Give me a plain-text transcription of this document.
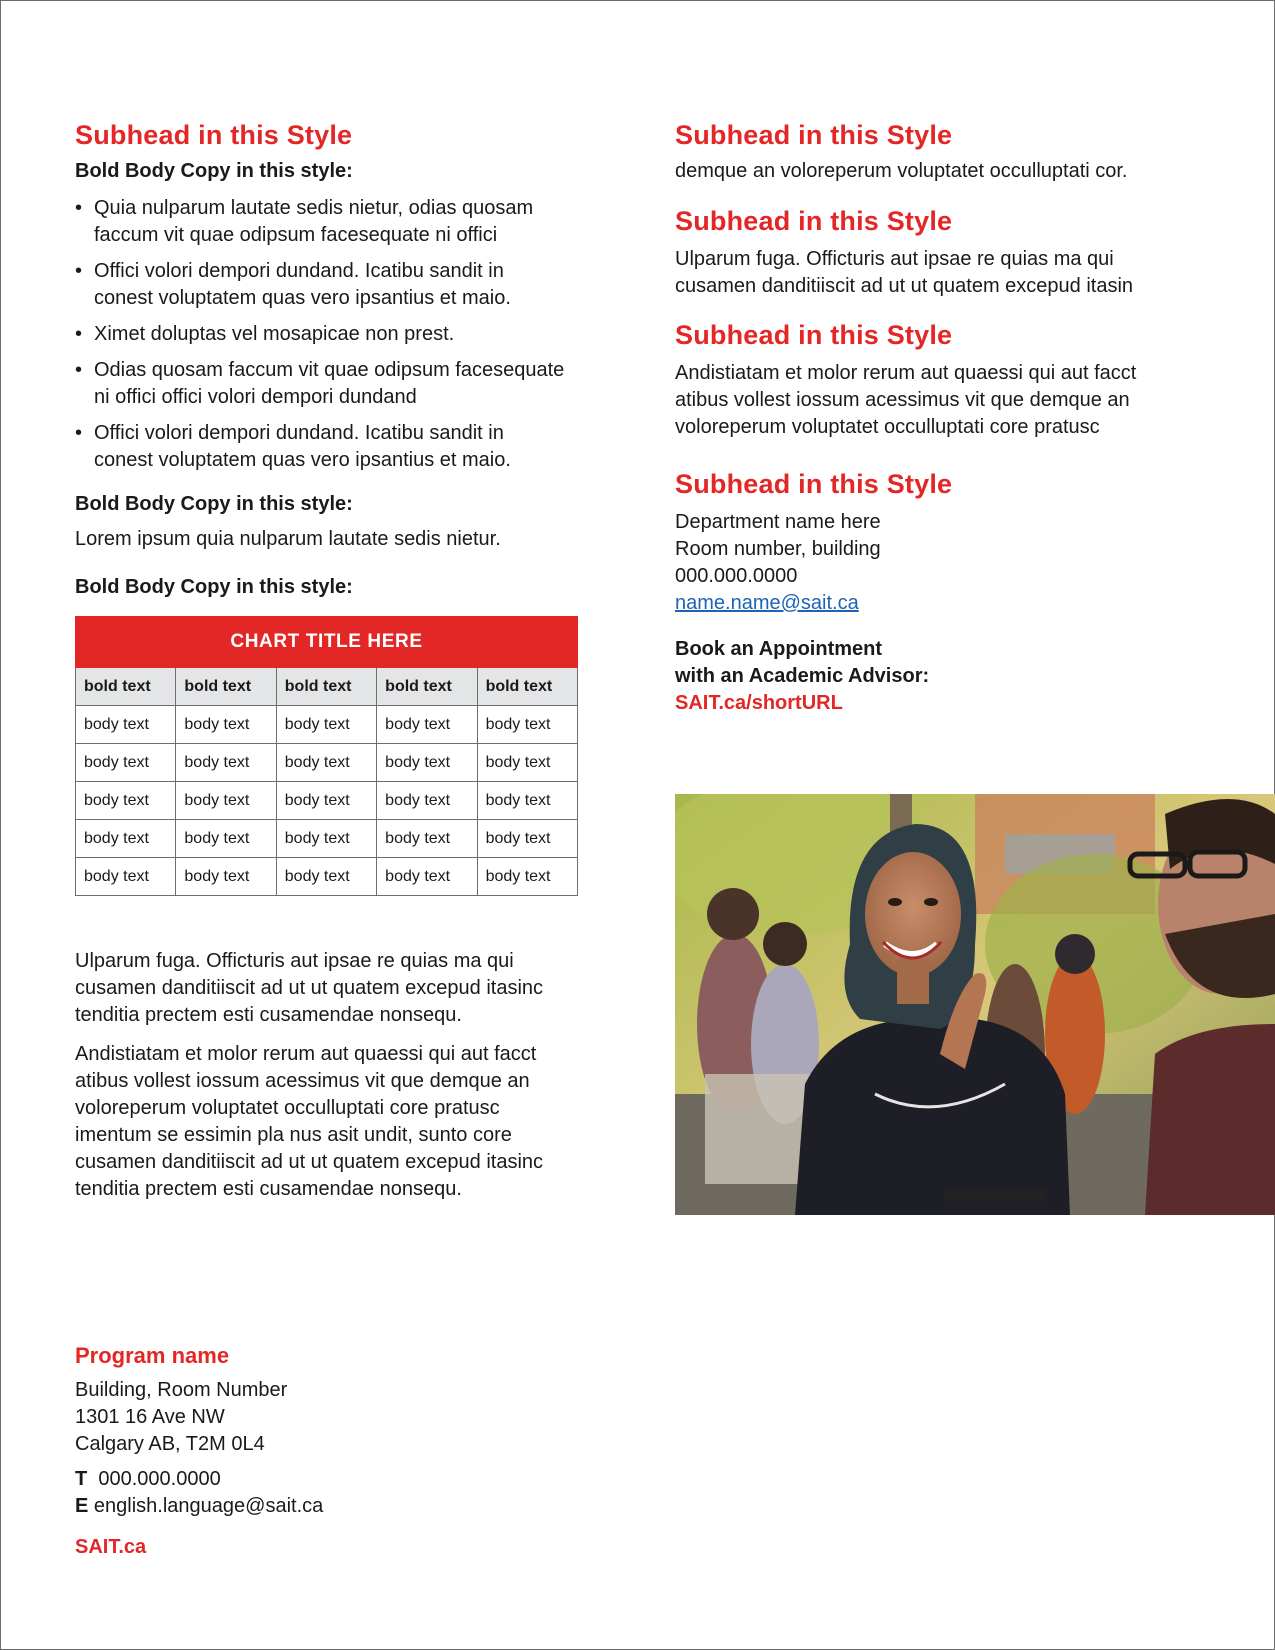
Subhead in this Style

Bold Body Copy in this style:

• Quia nulparum lautate sedis nietur, odias quosam
faccum vit quae odipsum facesequate ni offici
• Offici volori dempori dundand. Icatibu sandit in
conest voluptatem quas vero ipsantius et maio.
• Ximet doluptas vel mosapicae non prest.
• Odias quosam faccum vit quae odipsum facesequate
ni offici offici volori dempori dundand
• Offici volori dempori dundand. Icatibu sandit in
conest voluptatem quas vero ipsantius et maio.

Bold Body Copy in this style:

Lorem ipsum quia nulparum lautate sedis nietur.

Bold Body Copy in this style:

CHART TITLE HERE				
bold text	bold text	bold text	bold text	bold text
body text	body text	body text	body text	body text
body text	body text	body text	body text	body text
body text	body text	body text	body text	body text
body text	body text	body text	body text	body text
body text	body text	body text	body text	body text

Ulparum fuga. Officturis aut ipsae re quias ma qui
cusamen danditiiscit ad ut ut quatem excepud itasinc
tenditia prectem esti cusamendae nonsequ.

Andistiatam et molor rerum aut quaessi qui aut facct
atibus vollest iossum acessimus vit que demque an
voloreperum voluptatet occulluptati core pratusc
imentum se essimin pla nus asit undit, sunto core
cusamen danditiiscit ad ut ut quatem excepud itasinc
tenditia prectem esti cusamendae nonsequ.

Subhead in this Style

demque an voloreperum voluptatet occulluptati cor.

Subhead in this Style

Ulparum fuga. Officturis aut ipsae re quias ma qui
cusamen danditiiscit ad ut ut quatem excepud itasin

Subhead in this Style

Andistiatam et molor rerum aut quaessi qui aut facct
atibus vollest iossum acessimus vit que demque an
voloreperum voluptatet occulluptati core pratusc

Subhead in this Style

Department name here
Room number, building
000.000.0000
name.name@sait.ca

Book an Appointment
with an Academic Advisor:
SAIT.ca/shortURL

Program name

Building, Room Number
1301 16 Ave NW
Calgary AB, T2M 0L4

T 000.000.0000
E english.language@sait.ca

SAIT.ca
